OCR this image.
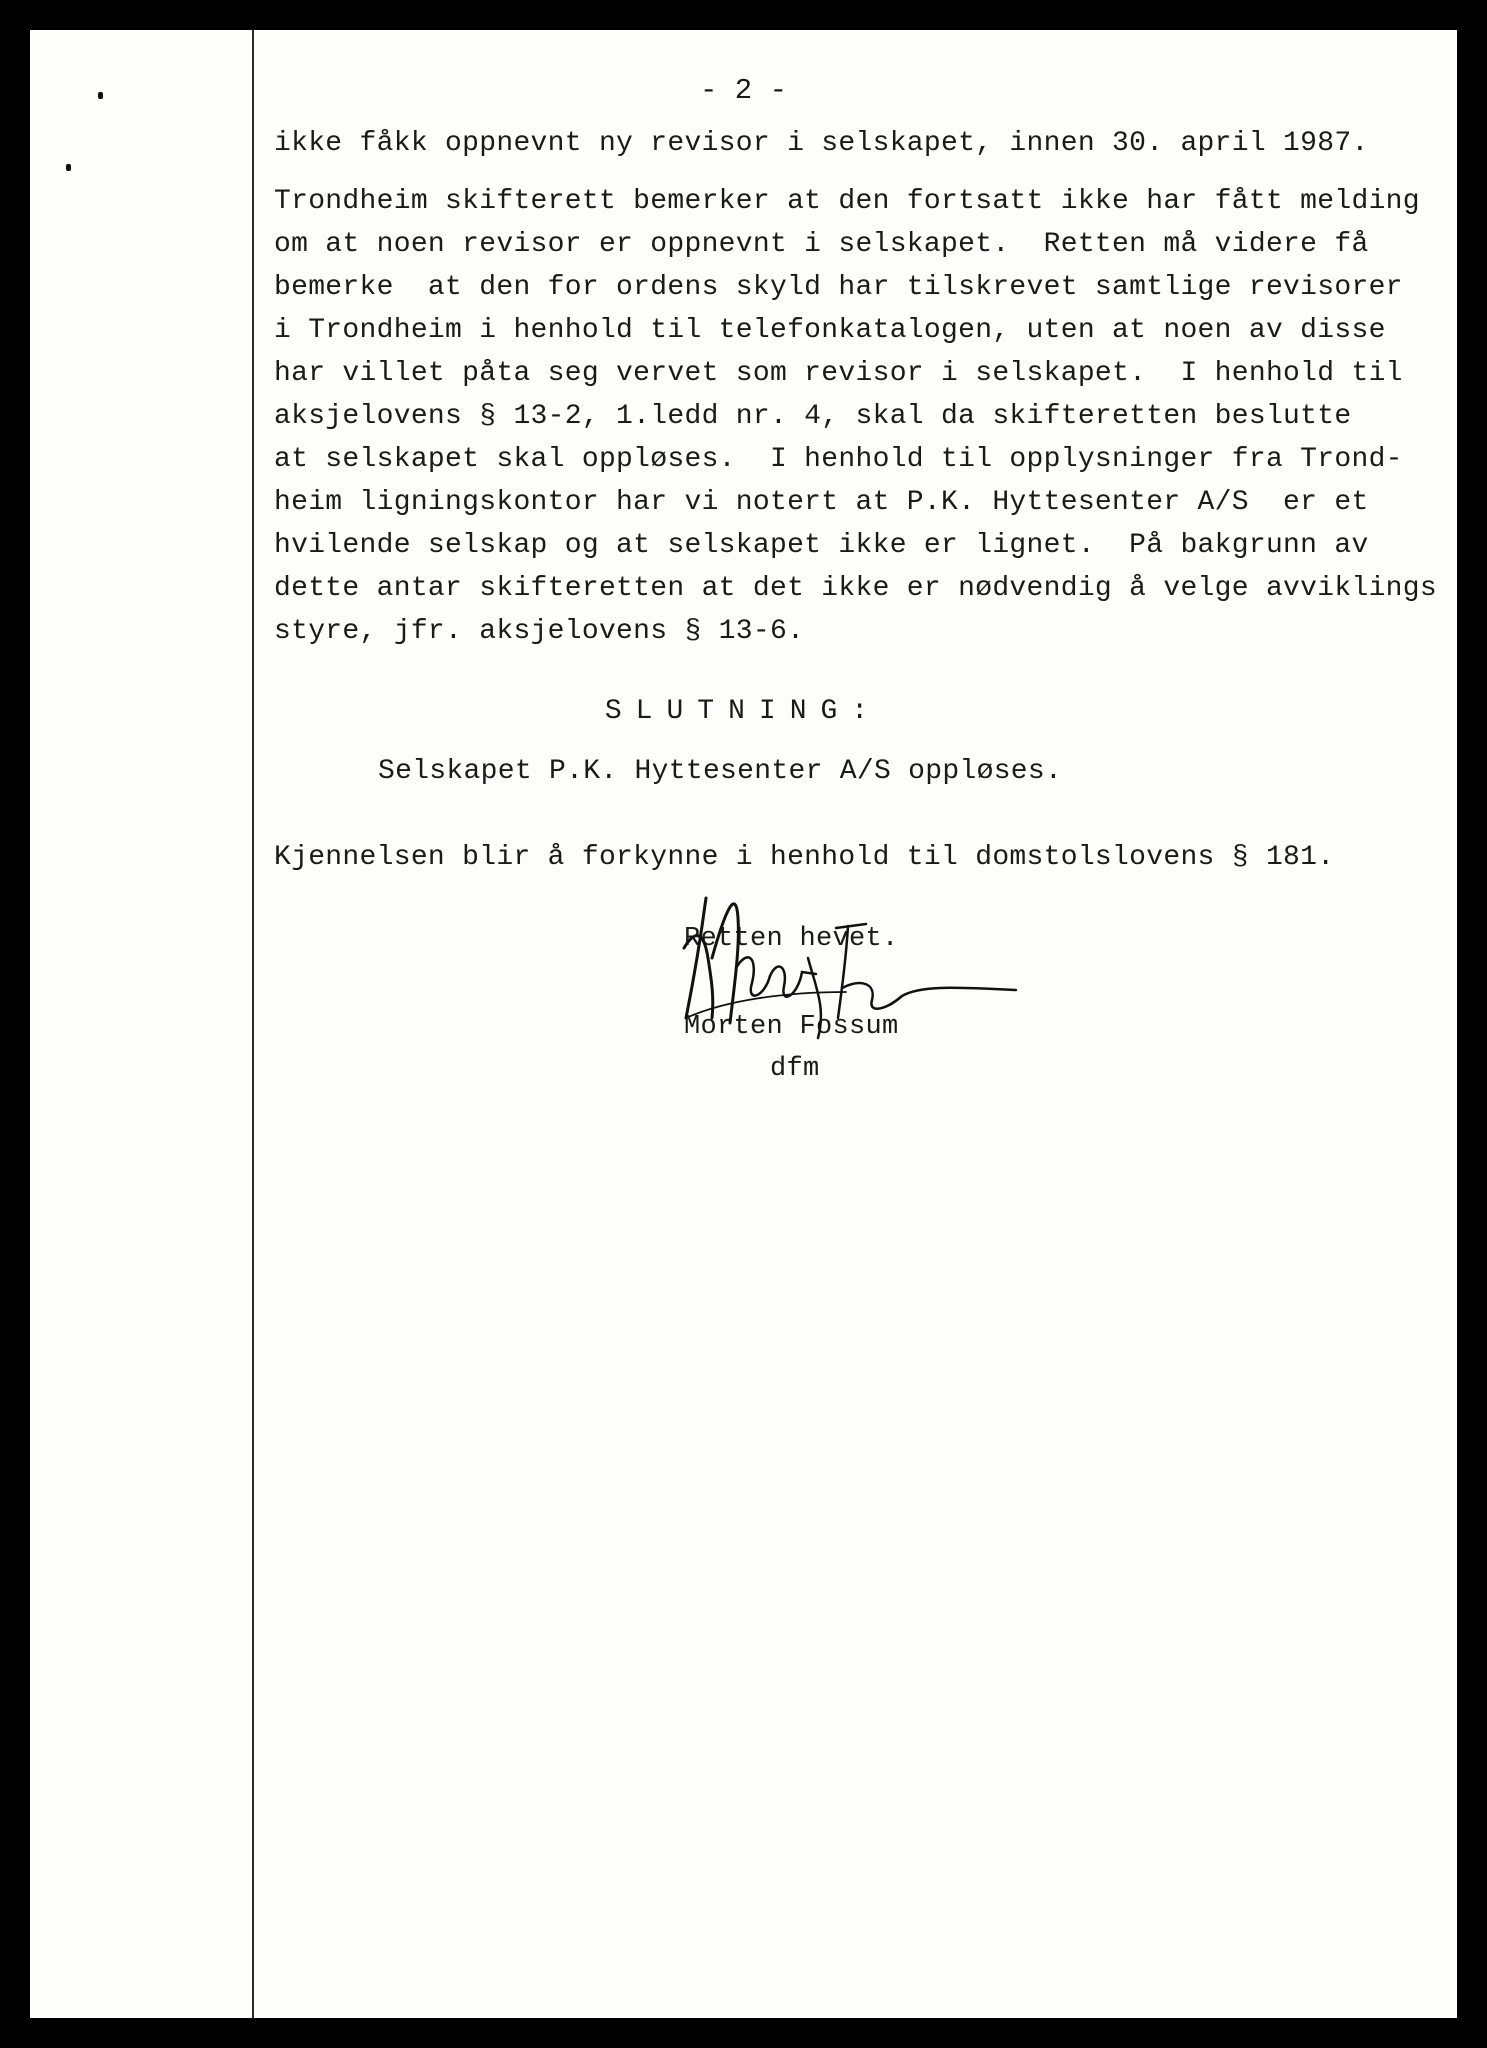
- 2 -
ikke fåkk oppnevnt ny revisor i selskapet, innen 30. april 1987.
Trondheim skifterett bemerker at den fortsatt ikke har fått melding
om at noen revisor er oppnevnt i selskapet.  Retten må videre få
bemerke  at den for ordens skyld har tilskrevet samtlige revisorer
i Trondheim i henhold til telefonkatalogen, uten at noen av disse
har villet påta seg vervet som revisor i selskapet.  I henhold til
aksjelovens § 13-2, 1.ledd nr. 4, skal da skifteretten beslutte
at selskapet skal oppløses.  I henhold til opplysninger fra Trond-
heim ligningskontor har vi notert at P.K. Hyttesenter A/S  er et
hvilende selskap og at selskapet ikke er lignet.  På bakgrunn av
dette antar skifteretten at det ikke er nødvendig å velge avviklings
styre, jfr. aksjelovens § 13-6.
SLUTNING:
Selskapet P.K. Hyttesenter A/S oppløses.
Kjennelsen blir å forkynne i henhold til domstolslovens § 181.
Retten hevet.
Morten Fossum
dfm
